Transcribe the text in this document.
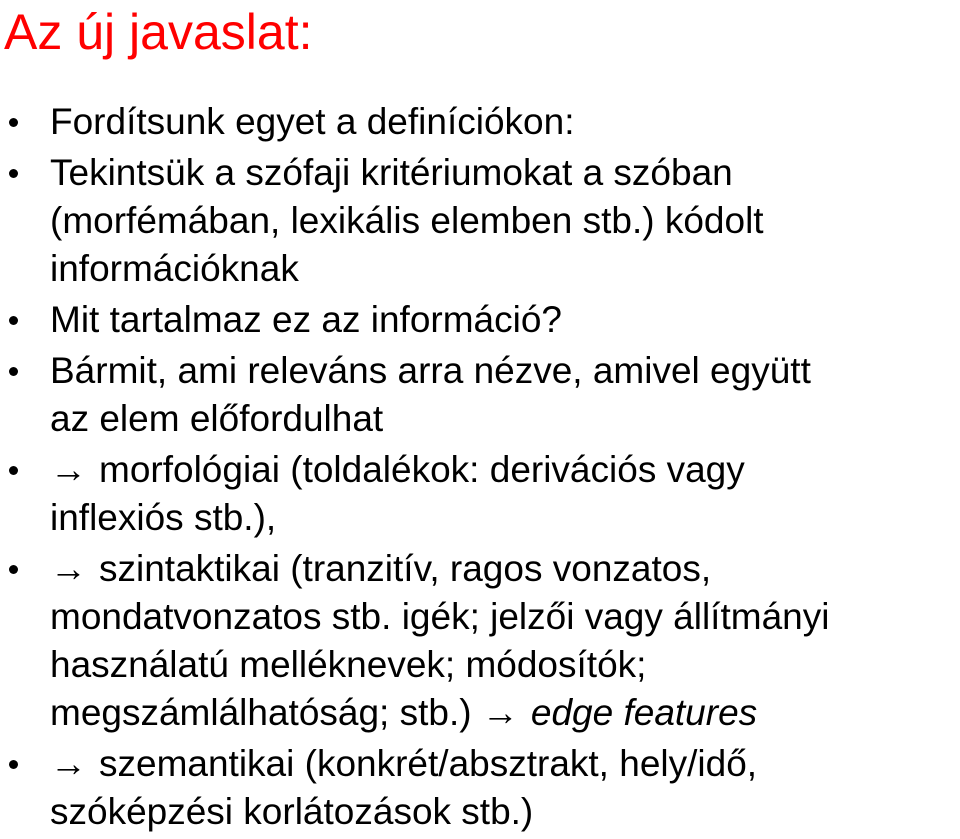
Az új javaslat:
Fordítsunk egyet a definíciókon:
Tekintsük a szófaji kritériumokat a szóban
(morfémában, lexikális elemben stb.) kódolt
információknak
Mit tartalmaz ez az információ?
Bármit, ami releváns arra nézve, amivel együtt
az elem előfordulhat
→ morfológiai (toldalékok: derivációs vagy
inflexiós stb.),
→ szintaktikai (tranzitív, ragos vonzatos,
mondatvonzatos stb. igék; jelzői vagy állítmányi
használatú melléknevek; módosítók;
megszámlálhatóság; stb.) → edge features
→ szemantikai (konkrét/absztrakt, hely/idő,
szóképzési korlátozások stb.)
